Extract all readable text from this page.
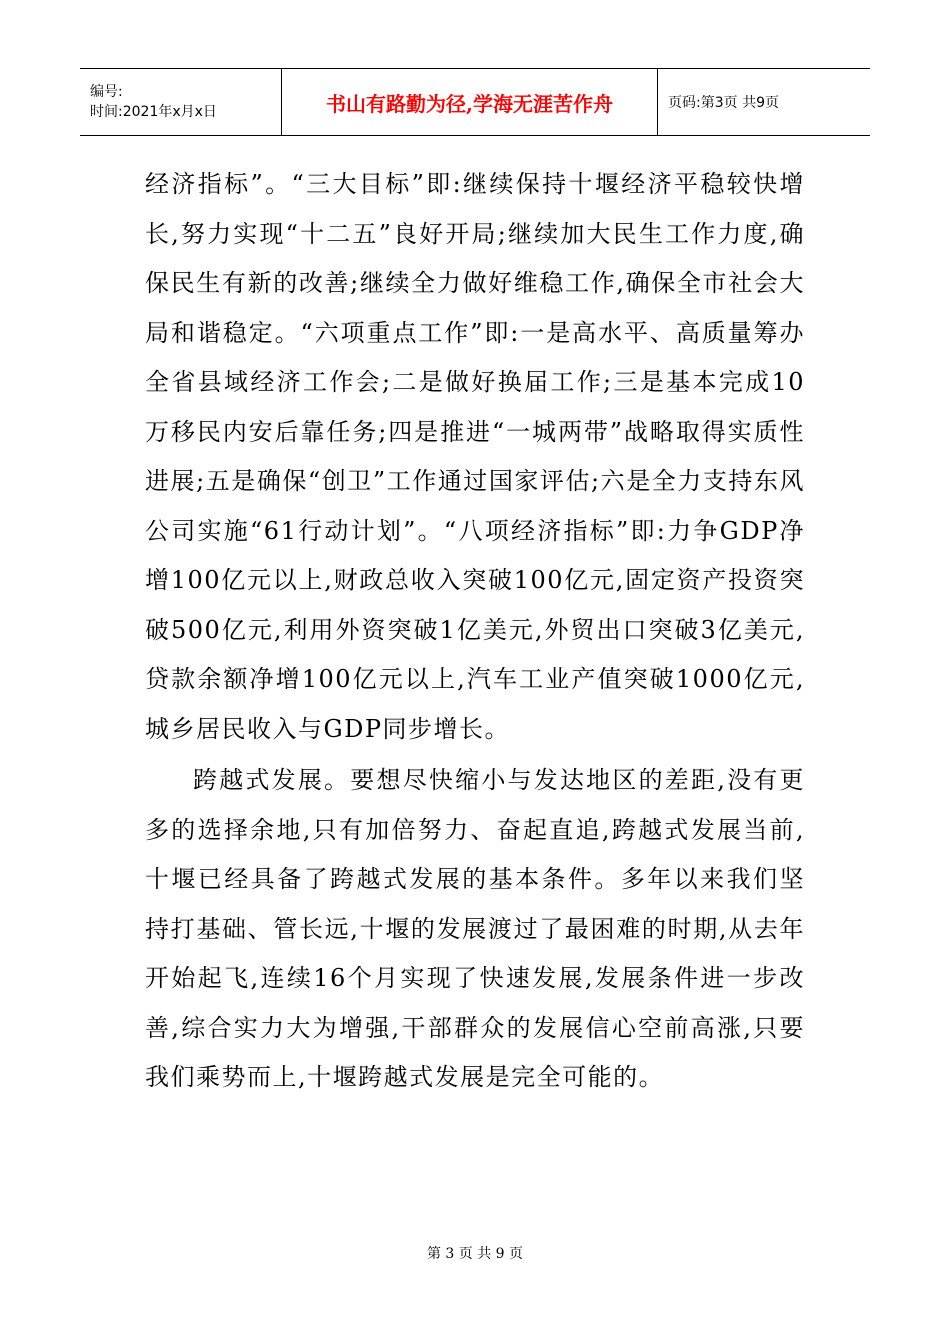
编号:
时间:2021年x月x日	书山有路勤为径,学海无涯苦作舟	页码:第3页 共9页

经济指标”。“三大目标”即:继续保持十堰经济平稳较快增长,努力实现“十二五”良好开局;继续加大民生工作力度,确保民生有新的改善;继续全力做好维稳工作,确保全市社会大局和谐稳定。“六项重点工作”即:一是高水平、高质量筹办全省县域经济工作会;二是做好换届工作;三是基本完成10万移民内安后靠任务;四是推进“一城两带”战略取得实质性进展;五是确保“创卫”工作通过国家评估;六是全力支持东风公司实施“61行动计划”。“八项经济指标”即:力争GDP净增100亿元以上,财政总收入突破100亿元,固定资产投资突破500亿元,利用外资突破1亿美元,外贸出口突破3亿美元,贷款余额净增100亿元以上,汽车工业产值突破1000亿元,城乡居民收入与GDP同步增长。

跨越式发展。要想尽快缩小与发达地区的差距,没有更多的选择余地,只有加倍努力、奋起直追,跨越式发展当前,十堰已经具备了跨越式发展的基本条件。多年以来我们坚持打基础、管长远,十堰的发展渡过了最困难的时期,从去年开始起飞,连续16个月实现了快速发展,发展条件进一步改善,综合实力大为增强,干部群众的发展信心空前高涨,只要我们乘势而上,十堰跨越式发展是完全可能的。

第 3 页 共 9 页
